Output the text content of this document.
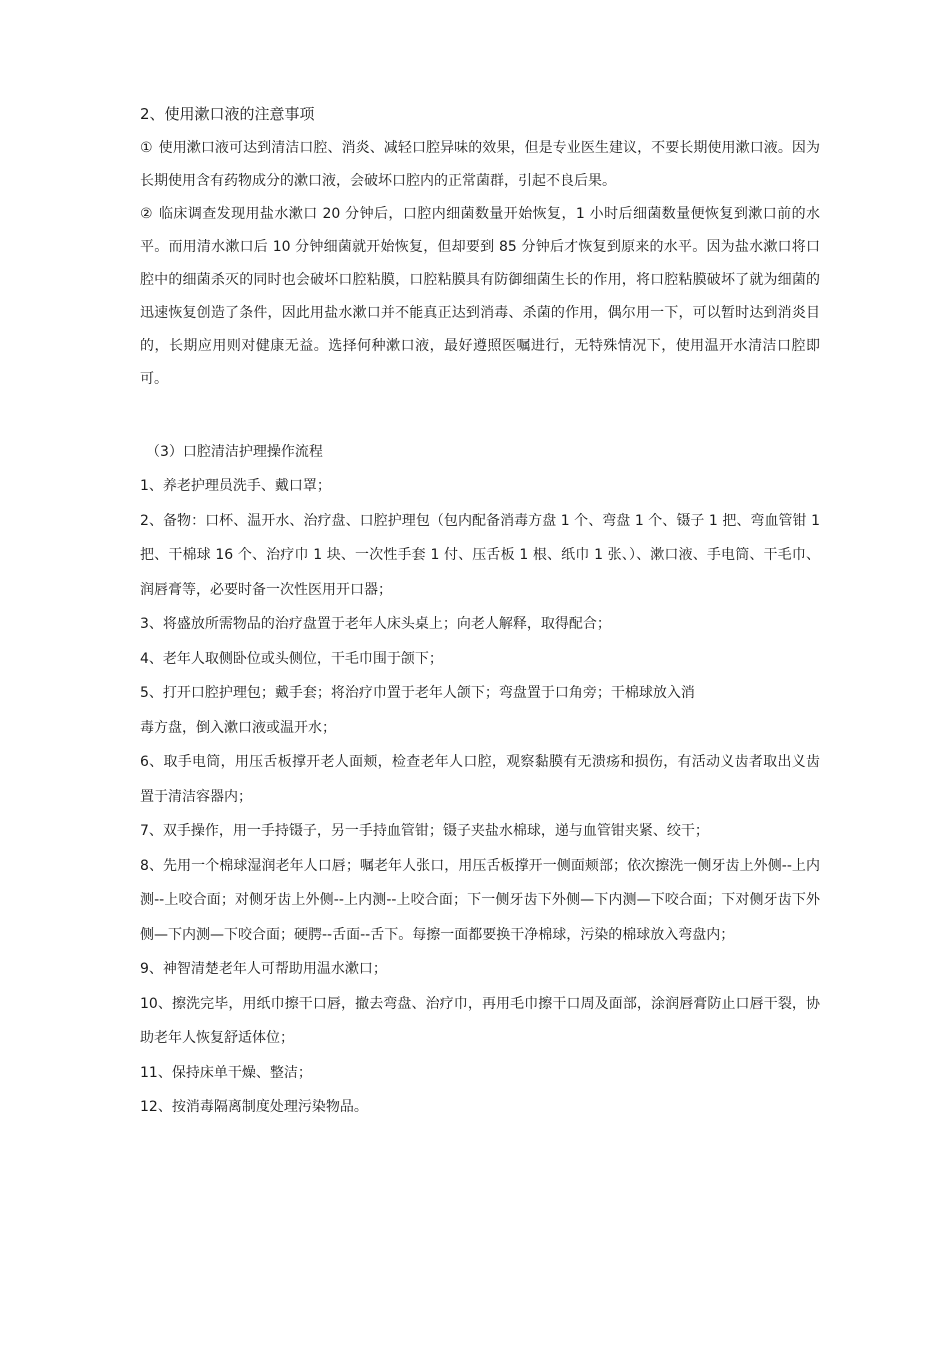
2、使用漱口液的注意事项

① 使用漱口液可达到清洁口腔、消炎、减轻口腔异味的效果，但是专业医生建议，不要长期使用漱口液。因为长期使用含有药物成分的漱口液，会破坏口腔内的正常菌群，引起不良后果。

② 临床调查发现用盐水漱口 20 分钟后，口腔内细菌数量开始恢复，1 小时后细菌数量便恢复到漱口前的水平。而用清水漱口后 10 分钟细菌就开始恢复，但却要到 85 分钟后才恢复到原来的水平。因为盐水漱口将口腔中的细菌杀灭的同时也会破坏口腔粘膜，口腔粘膜具有防御细菌生长的作用，将口腔粘膜破坏了就为细菌的迅速恢复创造了条件，因此用盐水漱口并不能真正达到消毒、杀菌的作用，偶尔用一下，可以暂时达到消炎目的，长期应用则对健康无益。选择何种漱口液，最好遵照医嘱进行，无特殊情况下，使用温开水清洁口腔即可。

（3）口腔清洁护理操作流程

1、养老护理员洗手、戴口罩；

2、备物：口杯、温开水、治疗盘、口腔护理包（包内配备消毒方盘 1 个、弯盘 1 个、镊子 1 把、弯血管钳 1 把、干棉球 16 个、治疗巾 1 块、一次性手套 1 付、压舌板 1 根、纸巾 1 张、）、漱口液、手电筒、干毛巾、润唇膏等，必要时备一次性医用开口器；

3、将盛放所需物品的治疗盘置于老年人床头桌上；向老人解释，取得配合；

4、老年人取侧卧位或头侧位，干毛巾围于颌下；

5、打开口腔护理包；戴手套；将治疗巾置于老年人颌下；弯盘置于口角旁；干棉球放入消

毒方盘，倒入漱口液或温开水；

6、取手电筒，用压舌板撑开老人面颊，检查老年人口腔，观察黏膜有无溃疡和损伤，有活动义齿者取出义齿置于清洁容器内；

7、双手操作，用一手持镊子，另一手持血管钳；镊子夹盐水棉球，递与血管钳夹紧、绞干；

8、先用一个棉球湿润老年人口唇；嘱老年人张口，用压舌板撑开一侧面颊部；依次擦洗一侧牙齿上外侧--上内测--上咬合面；对侧牙齿上外侧--上内测--上咬合面；下一侧牙齿下外侧—下内测—下咬合面；下对侧牙齿下外侧—下内测—下咬合面；硬腭--舌面--舌下。每擦一面都要换干净棉球，污染的棉球放入弯盘内；

9、神智清楚老年人可帮助用温水漱口；

10、擦洗完毕，用纸巾擦干口唇，撤去弯盘、治疗巾，再用毛巾擦干口周及面部，涂润唇膏防止口唇干裂，协助老年人恢复舒适体位；

11、保持床单干燥、整洁；

12、按消毒隔离制度处理污染物品。
